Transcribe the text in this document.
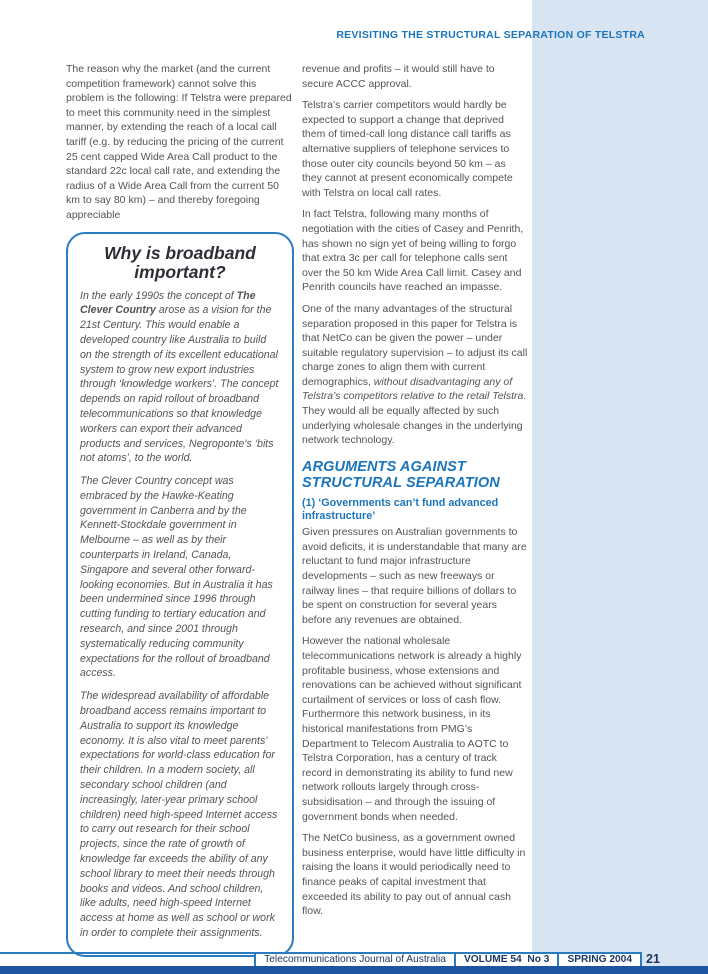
REVISITING THE STRUCTURAL SEPARATION OF TELSTRA

The reason why the market (and the current competition framework) cannot solve this problem is the following: If Telstra were prepared to meet this community need in the simplest manner, by extending the reach of a local call tariff (e.g. by reducing the pricing of the current 25 cent capped Wide Area Call product to the standard 22c local call rate, and extending the radius of a Wide Area Call from the current 50 km to say 80 km) – and thereby foregoing appreciable

Why is broadband
important?

In the early 1990s the concept of The Clever Country arose as a vision for the 21st Century. This would enable a developed country like Australia to build on the strength of its excellent educational system to grow new export industries through ‘knowledge workers’. The concept depends on rapid rollout of broadband telecommunications so that knowledge workers can export their advanced products and services, Negroponte’s ‘bits not atoms’, to the world.

The Clever Country concept was embraced by the Hawke-Keating government in Canberra and by the Kennett-Stockdale government in Melbourne – as well as by their counterparts in Ireland, Canada, Singapore and several other forward-looking economies. But in Australia it has been undermined since 1996 through cutting funding to tertiary education and research, and since 2001 through systematically reducing community expectations for the rollout of broadband access.

The widespread availability of affordable broadband access remains important to Australia to support its knowledge economy. It is also vital to meet parents’ expectations for world-class education for their children. In a modern society, all secondary school children (and increasingly, later-year primary school children) need high-speed Internet access to carry out research for their school projects, since the rate of growth of knowledge far exceeds the ability of any school library to meet their needs through books and videos. And school children, like adults, need high-speed Internet access at home as well as school or work in order to complete their assignments.

revenue and profits – it would still have to secure ACCC approval.

Telstra’s carrier competitors would hardly be expected to support a change that deprived them of timed-call long distance call tariffs as alternative suppliers of telephone services to those outer city councils beyond 50 km – as they cannot at present economically compete with Telstra on local call rates.

In fact Telstra, following many months of negotiation with the cities of Casey and Penrith, has shown no sign yet of being willing to forgo that extra 3c per call for telephone calls sent over the 50 km Wide Area Call limit. Casey and Penrith councils have reached an impasse.

One of the many advantages of the structural separation proposed in this paper for Telstra is that NetCo can be given the power – under suitable regulatory supervision – to adjust its call charge zones to align them with current demographics, without disadvantaging any of Telstra’s competitors relative to the retail Telstra. They would all be equally affected by such underlying wholesale changes in the underlying network technology.

ARGUMENTS AGAINST STRUCTURAL SEPARATION
(1) ‘Governments can’t fund advanced infrastructure’

Given pressures on Australian governments to avoid deficits, it is understandable that many are reluctant to fund major infrastructure developments – such as new freeways or railway lines – that require billions of dollars to be spent on construction for several years before any revenues are obtained.

However the national wholesale telecommunications network is already a highly profitable business, whose extensions and renovations can be achieved without significant curtailment of services or loss of cash flow. Furthermore this network business, in its historical manifestations from PMG’s Department to Telecom Australia to AOTC to Telstra Corporation, has a century of track record in demonstrating its ability to fund new network rollouts largely through cross-subsidisation – and through the issuing of government bonds when needed.

The NetCo business, as a government owned business enterprise, would have little difficulty in raising the loans it would periodically need to finance peaks of capital investment that exceeded its ability to pay out of annual cash flow.

Telecommunications Journal of Australia	VOLUME 54  No 3	SPRING 2004	21
